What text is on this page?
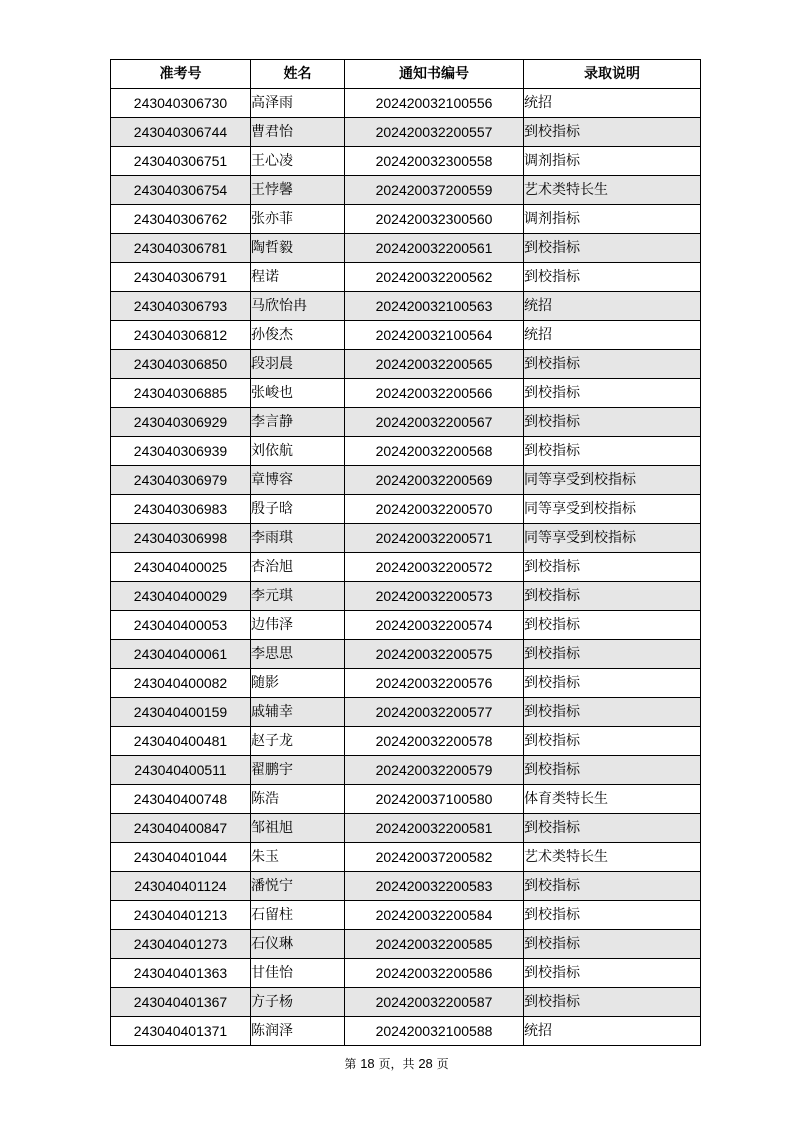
准考号	姓名	通知书编号	录取说明
243040306730	高泽雨	202420032100556	统招
243040306744	曹君怡	202420032200557	到校指标
243040306751	王心凌	202420032300558	调剂指标
243040306754	王悖馨	202420037200559	艺术类特长生
243040306762	张亦菲	202420032300560	调剂指标
243040306781	陶哲毅	202420032200561	到校指标
243040306791	程诺	202420032200562	到校指标
243040306793	马欣怡冉	202420032100563	统招
243040306812	孙俊杰	202420032100564	统招
243040306850	段羽晨	202420032200565	到校指标
243040306885	张峻也	202420032200566	到校指标
243040306929	李言静	202420032200567	到校指标
243040306939	刘依航	202420032200568	到校指标
243040306979	章博容	202420032200569	同等享受到校指标
243040306983	殷子晗	202420032200570	同等享受到校指标
243040306998	李雨琪	202420032200571	同等享受到校指标
243040400025	杏治旭	202420032200572	到校指标
243040400029	李元琪	202420032200573	到校指标
243040400053	边伟泽	202420032200574	到校指标
243040400061	李思思	202420032200575	到校指标
243040400082	随影	202420032200576	到校指标
243040400159	戚辅幸	202420032200577	到校指标
243040400481	赵子龙	202420032200578	到校指标
243040400511	翟鹏宇	202420032200579	到校指标
243040400748	陈浩	202420037100580	体育类特长生
243040400847	邹祖旭	202420032200581	到校指标
243040401044	朱玉	202420037200582	艺术类特长生
243040401124	潘悦宁	202420032200583	到校指标
243040401213	石留柱	202420032200584	到校指标
243040401273	石仪琳	202420032200585	到校指标
243040401363	甘佳怡	202420032200586	到校指标
243040401367	方子杨	202420032200587	到校指标
243040401371	陈润泽	202420032100588	统招
第 18 页，共 28 页
